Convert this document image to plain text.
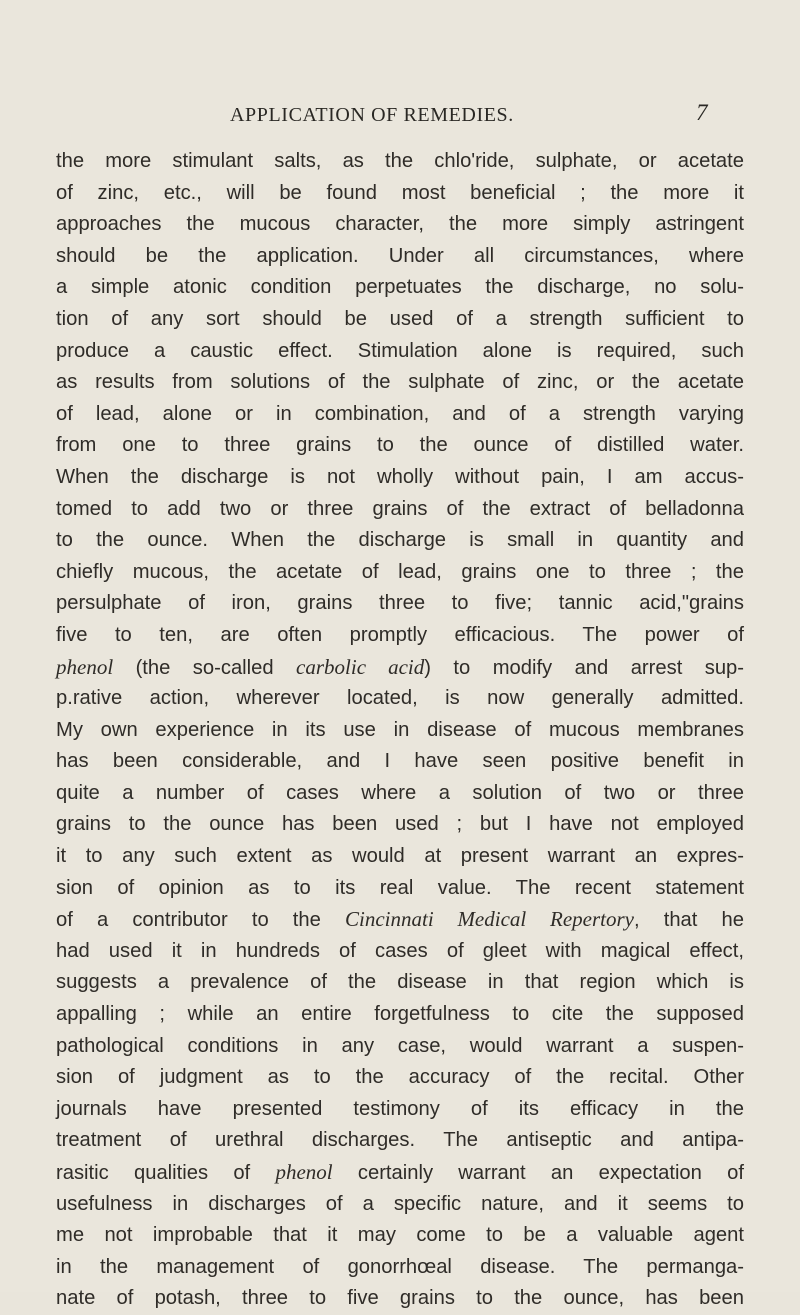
APPLICATION OF REMEDIES.	7
the more stimulant salts, as the chlo'ride, sulphate, or acetate
of zinc, etc., will be found most beneficial ; the more it
approaches the mucous character, the more simply astringent
should be the application. Under all circumstances, where
a simple atonic condition perpetuates the discharge, no solu-
tion of any sort should be used of a strength sufficient to
produce a caustic effect. Stimulation alone is required, such
as results from solutions of the sulphate of zinc, or the acetate
of lead, alone or in combination, and of a strength varying
from one to three grains to the ounce of distilled water.
When the discharge is not wholly without pain, I am accus-
tomed to add two or three grains of the extract of belladonna
to the ounce. When the discharge is small in quantity and
chiefly mucous, the acetate of lead, grains one to three ; the
persulphate of iron, grains three to five; tannic acid,"grains
five to ten, are often promptly efficacious. The power of
phenol (the so-called carbolic acid) to modify and arrest sup-
p.rative action, wherever located, is now generally admitted.
My own experience in its use in disease of mucous membranes
has been considerable, and I have seen positive benefit in
quite a number of cases where a solution of two or three
grains to the ounce has been used ; but I have not employed
it to any such extent as would at present warrant an expres-
sion of opinion as to its real value. The recent statement
of a contributor to the Cincinnati Medical Repertory, that he
had used it in hundreds of cases of gleet with magical effect,
suggests a prevalence of the disease in that region which is
appalling ; while an entire forgetfulness to cite the supposed
pathological conditions in any case, would warrant a suspen-
sion of judgment as to the accuracy of the recital. Other
journals have presented testimony of its efficacy in the
treatment of urethral discharges. The antiseptic and antipa-
rasitic qualities of phenol certainly warrant an expectation of
usefulness in discharges of a specific nature, and it seems to
me not improbable that it may come to be a valuable agent
in the management of gonorrhœal disease. The permanga-
nate of potash, three to five grains to the ounce, has been
